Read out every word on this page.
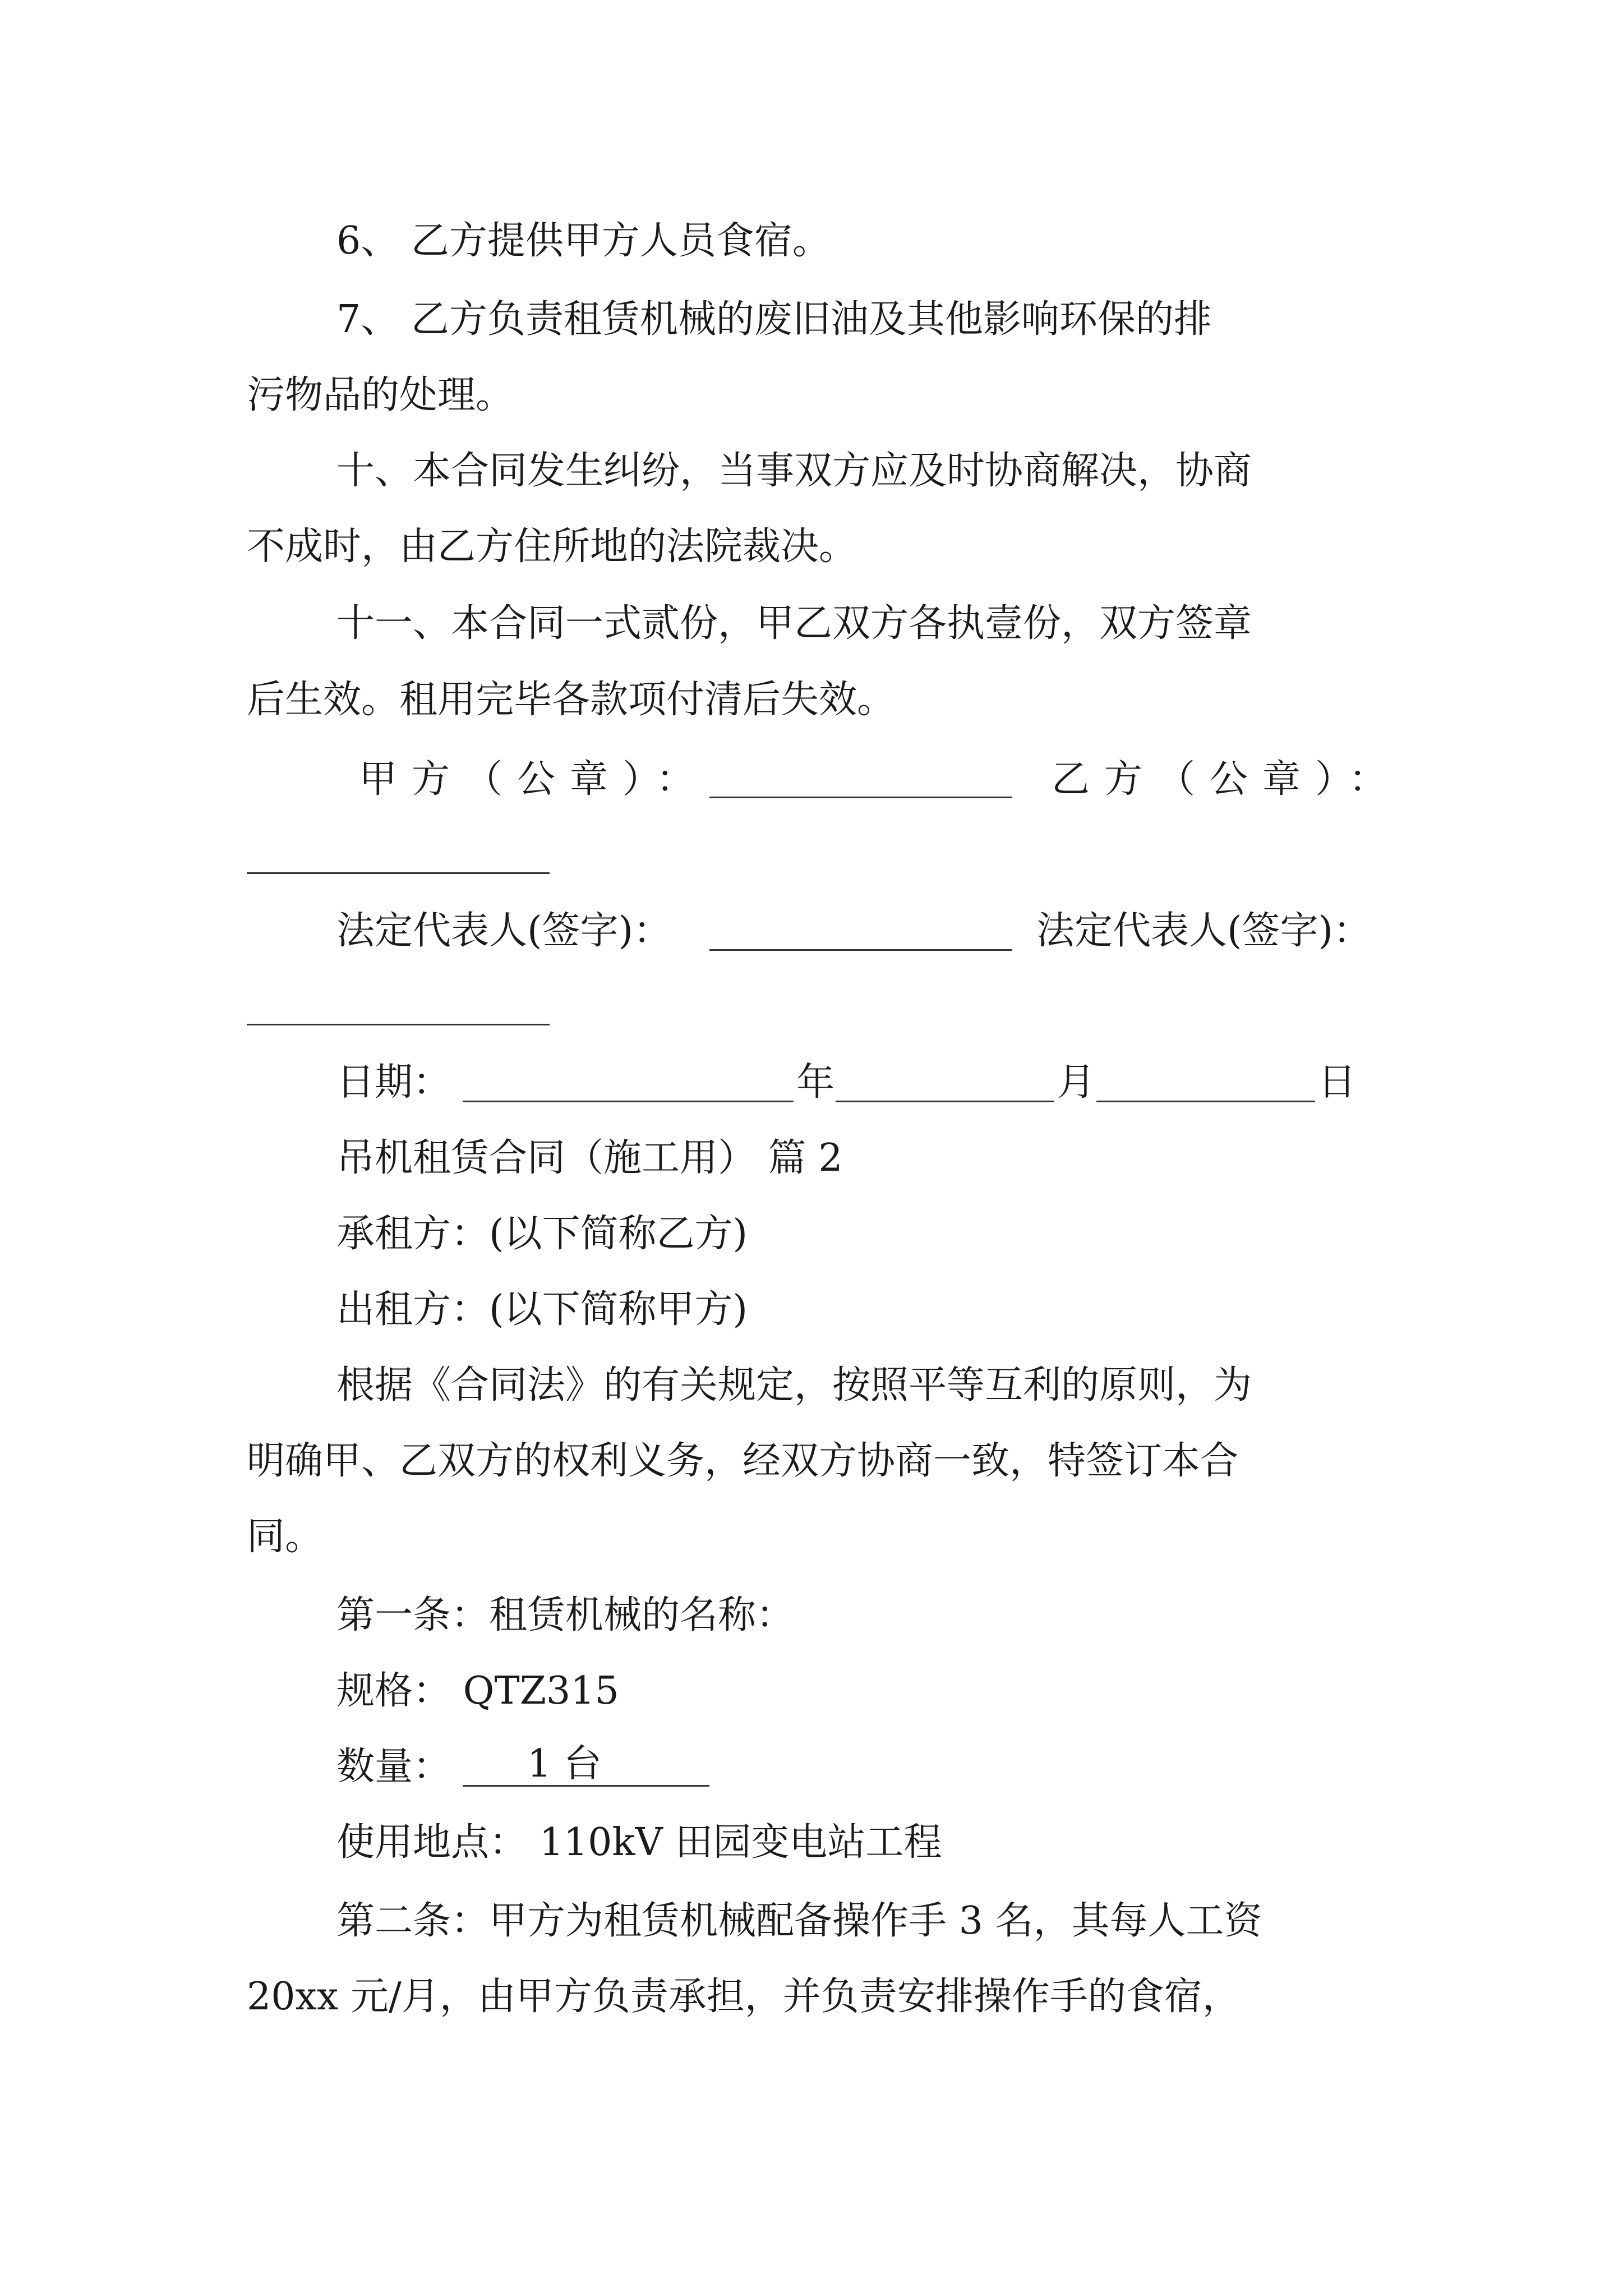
6、 乙方提供甲方人员食宿。
7、 乙方负责租赁机械的废旧油及其他影响环保的排
污物品的处理。
十、本合同发生纠纷，当事双方应及时协商解决，协商
不成时，由乙方住所地的法院裁决。
十一、本合同一式贰份，甲乙双方各执壹份，双方签章
后生效。租用完毕各款项付清后失效。
甲方（公章）：	乙方（公章）：
法定代表人(签字)：	法定代表人(签字)：
日期：	年	月	日
吊机租赁合同（施工用） 篇 2
承租方：(以下简称乙方)
出租方：(以下简称甲方)
根据《合同法》的有关规定，按照平等互利的原则，为
明确甲、乙双方的权利义务，经双方协商一致，特签订本合
同。
第一条：租赁机械的名称：
规格： QTZ315
数量： 1 台
使用地点： 110kV 田园变电站工程
第二条：甲方为租赁机械配备操作手 3 名，其每人工资
20xx 元/月，由甲方负责承担，并负责安排操作手的食宿，
